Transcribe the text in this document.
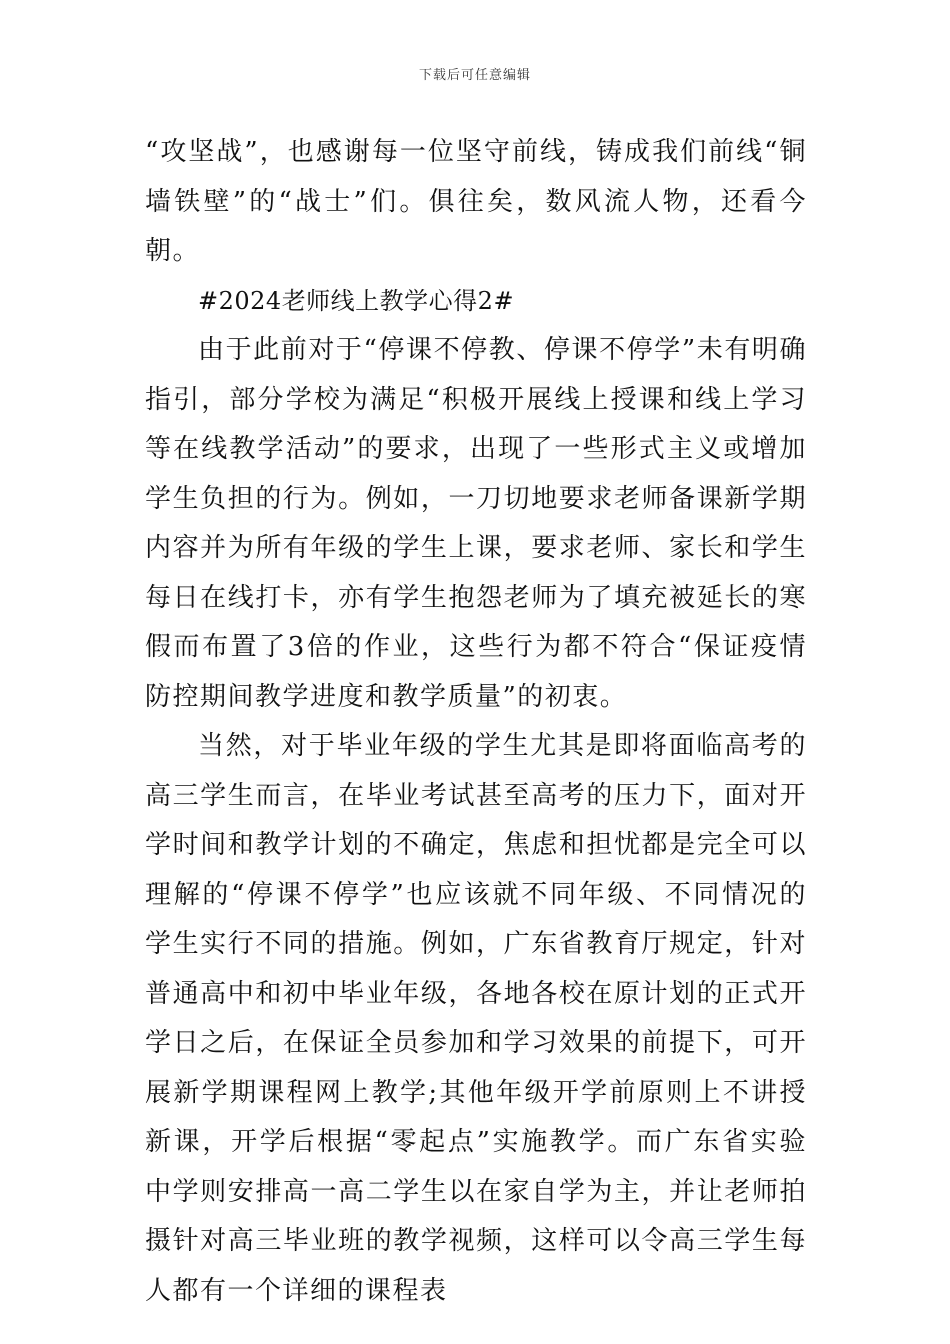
下载后可任意编辑

“攻坚战”，也感谢每一位坚守前线，铸成我们前线“铜墙铁壁”的“战士”们。俱往矣，数风流人物，还看今朝。

#2024老师线上教学心得2#

由于此前对于“停课不停教、停课不停学”未有明确指引，部分学校为满足“积极开展线上授课和线上学习等在线教学活动”的要求，出现了一些形式主义或增加学生负担的行为。例如，一刀切地要求老师备课新学期内容并为所有年级的学生上课，要求老师、家长和学生每日在线打卡，亦有学生抱怨老师为了填充被延长的寒假而布置了3倍的作业，这些行为都不符合“保证疫情防控期间教学进度和教学质量”的初衷。

当然，对于毕业年级的学生尤其是即将面临高考的高三学生而言，在毕业考试甚至高考的压力下，面对开学时间和教学计划的不确定，焦虑和担忧都是完全可以理解的“停课不停学”也应该就不同年级、不同情况的学生实行不同的措施。例如，广东省教育厅规定，针对普通高中和初中毕业年级，各地各校在原计划的正式开学日之后，在保证全员参加和学习效果的前提下，可开展新学期课程网上教学;其他年级开学前原则上不讲授新课，开学后根据“零起点”实施教学。而广东省实验中学则安排高一高二学生以在家自学为主，并让老师拍摄针对高三毕业班的教学视频，这样可以令高三学生每人都有一个详细的课程表
